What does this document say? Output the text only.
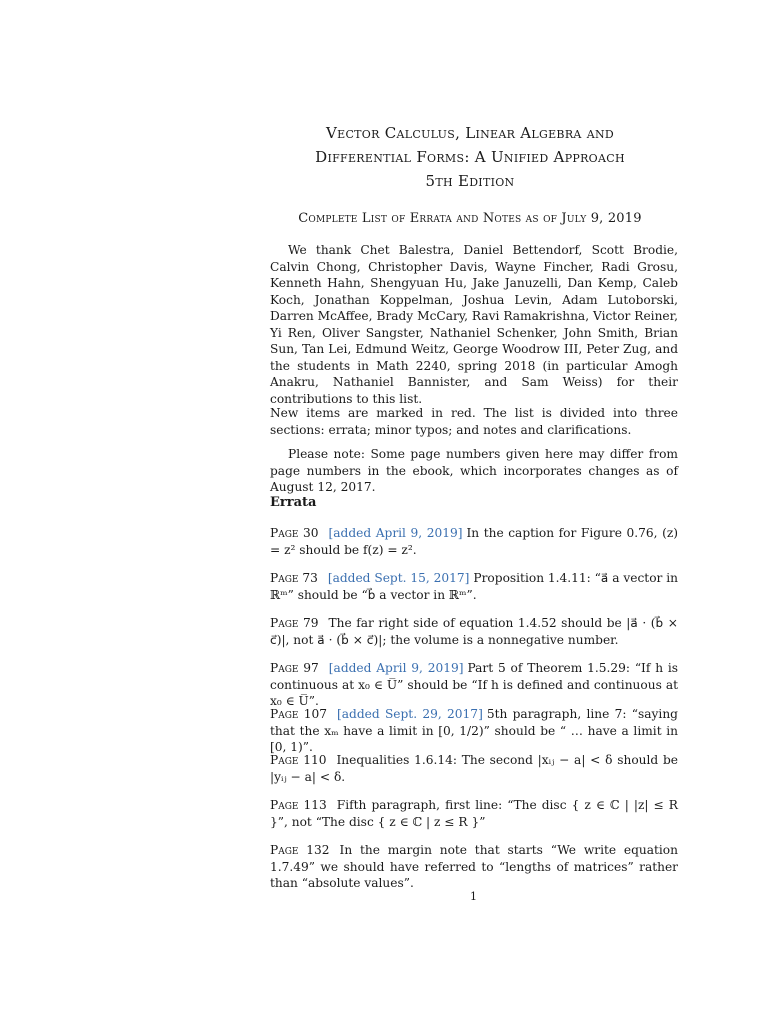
Vector Calculus, Linear Algebra and
Differential Forms: A Unified Approach
5th Edition
Complete List of Errata and Notes as of July 9, 2019
We thank Chet Balestra, Daniel Bettendorf, Scott Brodie, Calvin Chong, Christopher Davis, Wayne Fincher, Radi Grosu, Kenneth Hahn, Shengyuan Hu, Jake Januzelli, Dan Kemp, Caleb Koch, Jonathan Koppelman, Joshua Levin, Adam Lutoborski, Darren McAffee, Brady McCary, Ravi Ramakrishna, Victor Reiner, Yi Ren, Oliver Sangster, Nathaniel Schenker, John Smith, Brian Sun, Tan Lei, Edmund Weitz, George Woodrow III, Peter Zug, and the students in Math 2240, spring 2018 (in particular Amogh Anakru, Nathaniel Bannister, and Sam Weiss) for their contributions to this list.
New items are marked in red. The list is divided into three sections: errata; minor typos; and notes and clarifications.
Please note: Some page numbers given here may differ from page numbers in the ebook, which incorporates changes as of August 12, 2017.
Errata
Page 30 [added April 9, 2019] In the caption for Figure 0.76, (z) = z² should be f(z) = z².
Page 73 [added Sept. 15, 2017] Proposition 1.4.11: “a⃗ a vector in ℝᵐ” should be “b⃗ a vector in ℝᵐ”.
Page 79 The far right side of equation 1.4.52 should be |a⃗ · (b⃗ × c⃗)|, not a⃗ · (b⃗ × c⃗)|; the volume is a nonnegative number.
Page 97 [added April 9, 2019] Part 5 of Theorem 1.5.29: “If h is continuous at x₀ ∈ U̅” should be “If h is defined and continuous at x₀ ∈ U̅”.
Page 107 [added Sept. 29, 2017] 5th paragraph, line 7: “saying that the xₘ have a limit in [0, 1/2)” should be “ … have a limit in [0, 1)”.
Page 110 Inequalities 1.6.14: The second |xᵢⱼ − a| < δ should be |yᵢⱼ − a| < δ.
Page 113 Fifth paragraph, first line: “The disc { z ∈ ℂ | |z| ≤ R }”, not “The disc { z ∈ ℂ | z ≤ R }”
Page 132 In the margin note that starts “We write equation 1.7.49” we should have referred to “lengths of matrices” rather than “absolute values”.
1
